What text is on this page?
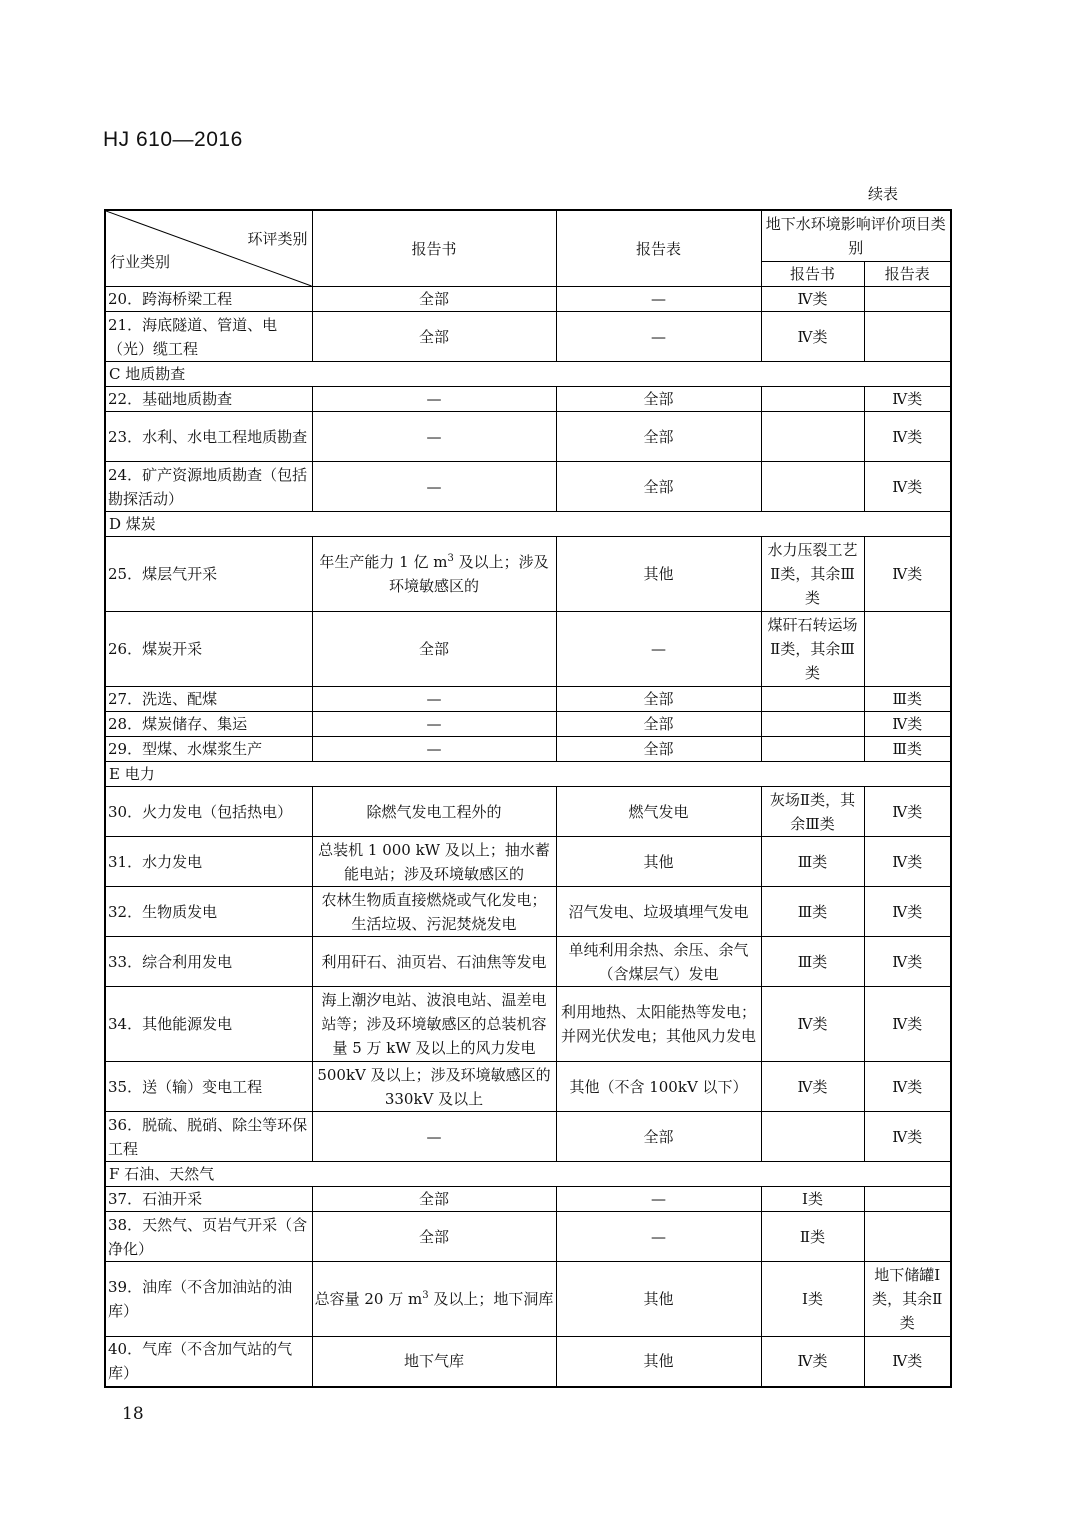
HJ 610—2016
续表
环评类别
行业类别	报告书	报告表	地下水环境影响评价项目类别	
			报告书	报告表
20．跨海桥梁工程	全部	—	Ⅳ类	
21．海底隧道、管道、电（光）缆工程	全部	—	Ⅳ类	
C 地质勘查				
22．基础地质勘查	—	全部		Ⅳ类
23．水利、水电工程地质勘查	—	全部		Ⅳ类
24．矿产资源地质勘查（包括勘探活动）	—	全部		Ⅳ类
D 煤炭				
25．煤层气开采	年生产能力 1 亿 $m^3$ 及以上；涉及环境敏感区的	其他	水力压裂工艺Ⅱ类，其余Ⅲ类	Ⅳ类
26．煤炭开采	全部	—	煤矸石转运场Ⅱ类，其余Ⅲ类	
27．洗选、配煤	—	全部		Ⅲ类
28．煤炭储存、集运	—	全部		Ⅳ类
29．型煤、水煤浆生产	—	全部		Ⅲ类
E 电力				
30．火力发电（包括热电）	除燃气发电工程外的	燃气发电	灰场Ⅱ类，其余Ⅲ类	Ⅳ类
31．水力发电	总装机 1 000 kW 及以上；抽水蓄能电站；涉及环境敏感区的	其他	Ⅲ类	Ⅳ类
32．生物质发电	农林生物质直接燃烧或气化发电；生活垃圾、污泥焚烧发电	沼气发电、垃圾填埋气发电	Ⅲ类	Ⅳ类
33．综合利用发电	利用矸石、油页岩、石油焦等发电	单纯利用余热、余压、余气（含煤层气）发电	Ⅲ类	Ⅳ类
34．其他能源发电	海上潮汐电站、波浪电站、温差电站等；涉及环境敏感区的总装机容量 5 万 kW 及以上的风力发电	利用地热、太阳能热等发电；并网光伏发电；其他风力发电	Ⅳ类	Ⅳ类
35．送（输）变电工程	500kV 及以上；涉及环境敏感区的 330kV 及以上	其他（不含 100kV 以下）	Ⅳ类	Ⅳ类
36．脱硫、脱硝、除尘等环保工程	—	全部		Ⅳ类
F 石油、天然气				
37．石油开采	全部	—	Ⅰ类	
38．天然气、页岩气开采（含净化）	全部	—	Ⅱ类	
39．油库（不含加油站的油库）	总容量 20 万 $m^3$ 及以上；地下洞库	其他	Ⅰ类	地下储罐Ⅰ类，其余Ⅱ类
40．气库（不含加气站的气库）	地下气库	其他	Ⅳ类	Ⅳ类
18
